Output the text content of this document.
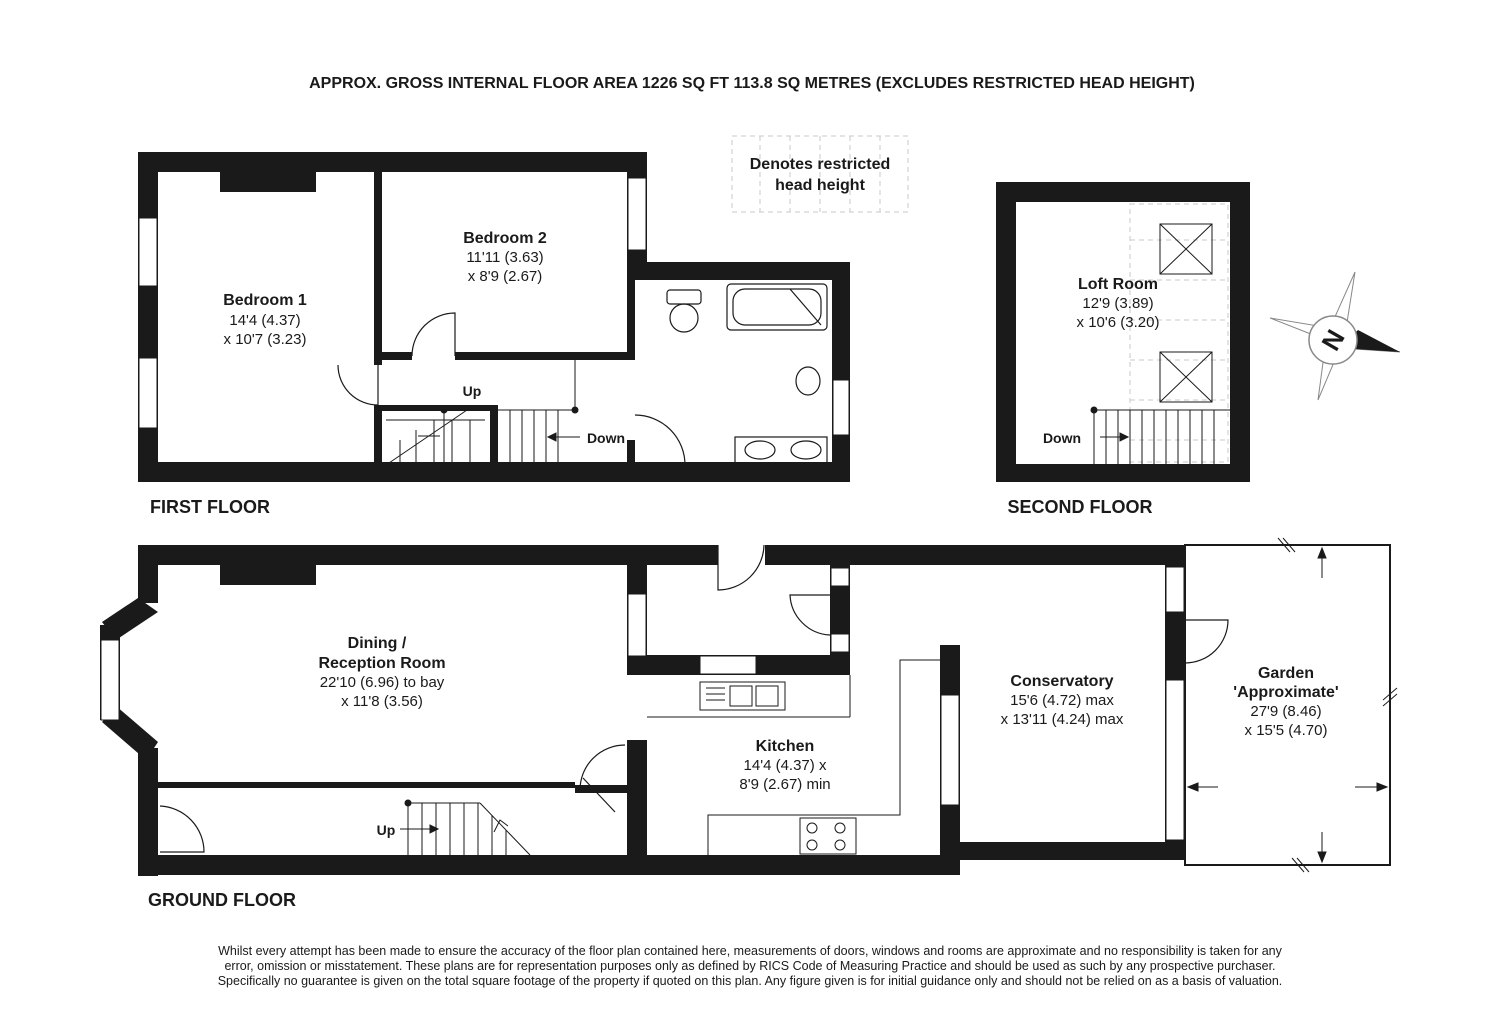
APPROX. GROSS INTERNAL FLOOR AREA 1226 SQ FT 113.8 SQ METRES (EXCLUDES RESTRICTED HEAD HEIGHT)
Up
Down
Bedroom 1
14'4 (4.37)
x 10'7 (3.23)
Bedroom 2
11'11 (3.63)
x 8'9 (2.67)
FIRST FLOOR
Denotes restricted
head height
Down
Loft Room
12'9 (3.89)
x 10'6 (3.20)
SECOND FLOOR
N
Up
Dining /
Reception Room
22'10 (6.96) to bay
x 11'8 (3.56)
Kitchen
14'4 (4.37) x
8'9 (2.67) min
Conservatory
15'6 (4.72) max
x 13'11 (4.24) max
Garden
'Approximate'
27'9 (8.46)
x 15'5 (4.70)
GROUND FLOOR
Whilst every attempt has been made to ensure the accuracy of the floor plan contained here, measurements of doors, windows and rooms are approximate and no responsibility is taken for any
error, omission or misstatement. These plans are for representation purposes only as defined by RICS Code of Measuring Practice and should be used as such by any prospective purchaser.
Specifically no guarantee is given on the total square footage of the property if quoted on this plan. Any figure given is for initial guidance only and should not be relied on as a basis of valuation.
